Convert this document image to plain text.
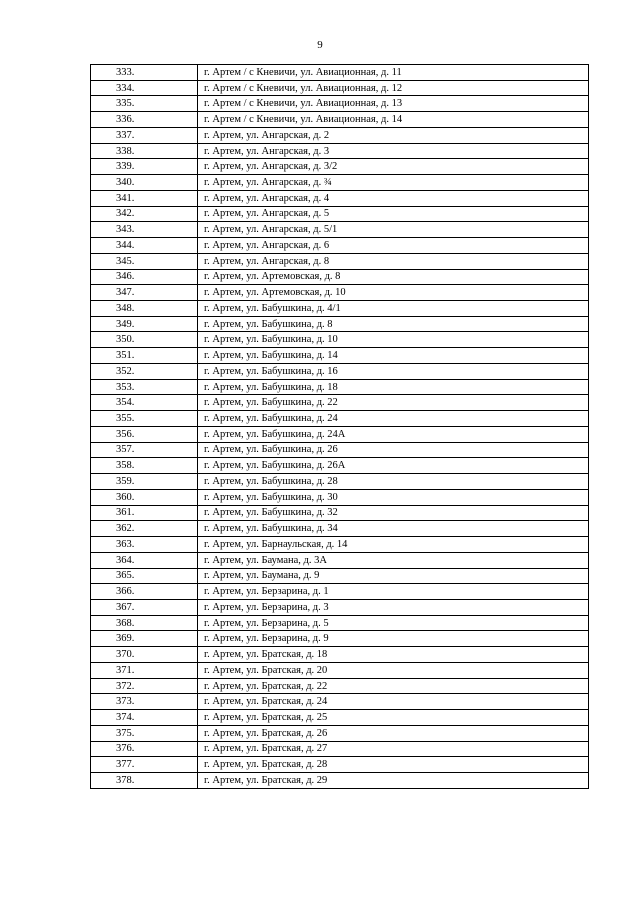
9
333.	г. Артем / с Кневичи, ул. Авиационная, д. 11
334.	г. Артем / с Кневичи, ул. Авиационная, д. 12
335.	г. Артем / с Кневичи, ул. Авиационная, д. 13
336.	г. Артем / с Кневичи, ул. Авиационная, д. 14
337.	г. Артем, ул. Ангарская, д. 2
338.	г. Артем, ул. Ангарская, д. 3
339.	г. Артем, ул. Ангарская, д. 3/2
340.	г. Артем, ул. Ангарская, д. ¾
341.	г. Артем, ул. Ангарская, д. 4
342.	г. Артем, ул. Ангарская, д. 5
343.	г. Артем, ул. Ангарская, д. 5/1
344.	г. Артем, ул. Ангарская, д. 6
345.	г. Артем, ул. Ангарская, д. 8
346.	г. Артем, ул. Артемовская, д. 8
347.	г. Артем, ул. Артемовская, д. 10
348.	г. Артем, ул. Бабушкина, д. 4/1
349.	г. Артем, ул. Бабушкина, д. 8
350.	г. Артем, ул. Бабушкина, д. 10
351.	г. Артем, ул. Бабушкина, д. 14
352.	г. Артем, ул. Бабушкина, д. 16
353.	г. Артем, ул. Бабушкина, д. 18
354.	г. Артем, ул. Бабушкина, д. 22
355.	г. Артем, ул. Бабушкина, д. 24
356.	г. Артем, ул. Бабушкина, д. 24А
357.	г. Артем, ул. Бабушкина, д. 26
358.	г. Артем, ул. Бабушкина, д. 26А
359.	г. Артем, ул. Бабушкина, д. 28
360.	г. Артем, ул. Бабушкина, д. 30
361.	г. Артем, ул. Бабушкина, д. 32
362.	г. Артем, ул. Бабушкина, д. 34
363.	г. Артем, ул. Барнаульская, д. 14
364.	г. Артем, ул. Баумана, д. 3А
365.	г. Артем, ул. Баумана, д. 9
366.	г. Артем, ул. Берзарина, д. 1
367.	г. Артем, ул. Берзарина, д. 3
368.	г. Артем, ул. Берзарина, д. 5
369.	г. Артем, ул. Берзарина, д. 9
370.	г. Артем, ул. Братская, д. 18
371.	г. Артем, ул. Братская, д. 20
372.	г. Артем, ул. Братская, д. 22
373.	г. Артем, ул. Братская, д. 24
374.	г. Артем, ул. Братская, д. 25
375.	г. Артем, ул. Братская, д. 26
376.	г. Артем, ул. Братская, д. 27
377.	г. Артем, ул. Братская, д. 28
378.	г. Артем, ул. Братская, д. 29
